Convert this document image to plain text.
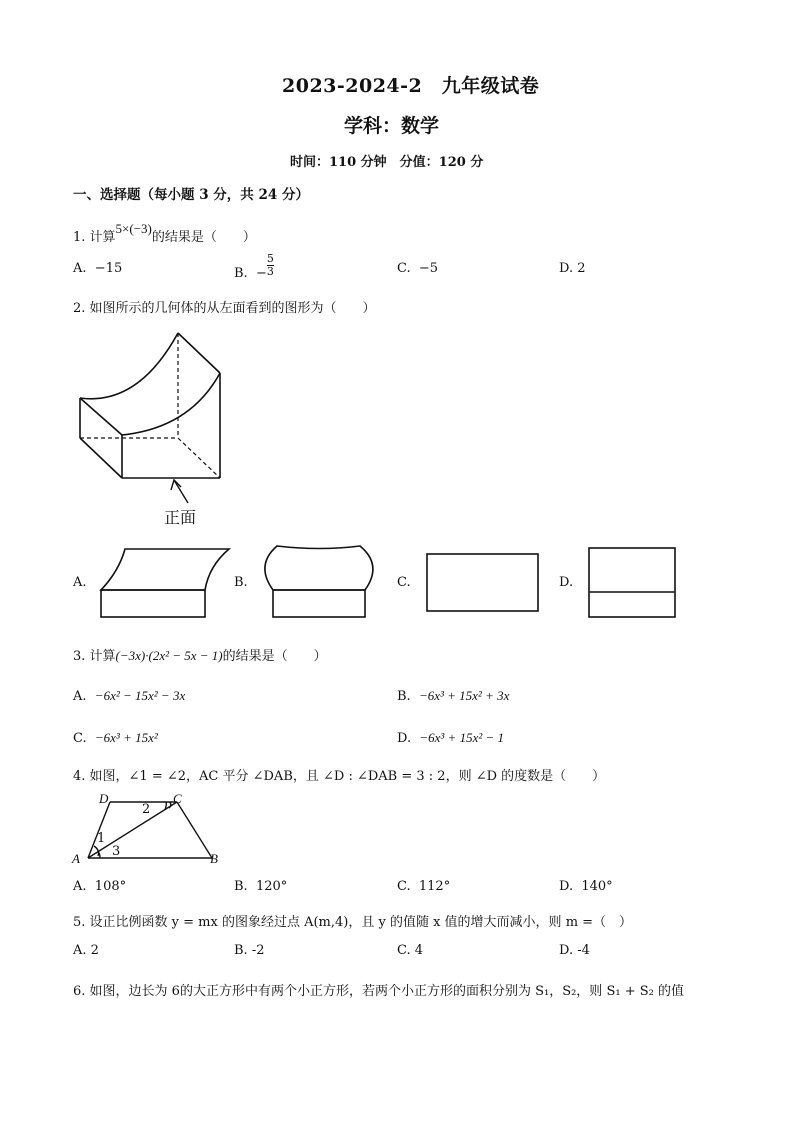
2023-2024-2　九年级试卷
学科：数学
时间：110 分钟　分值：120 分
一、选择题（每小题 3 分，共 24 分）
1. 计算5×(−3)的结果是（　　）
A. −15	B. − $\frac{5}{3}$	C. −5	D. 2
2. 如图所示的几何体的从左面看到的图形为（　　）
正面
A.	B.	C.	D.
3. 计算(−3x)·(2x² − 5x − 1)的结果是（　　）
A. −6x² − 15x² − 3x	B. −6x³ + 15x² + 3x
C. −6x³ + 15x²	D. −6x³ + 15x² − 1
4. 如图，∠1 = ∠2，AC 平分 ∠DAB，且 ∠D : ∠DAB = 3 : 2，则 ∠D 的度数是（　　）
D	C
A	B
1
2
3
A. 108°	B. 120°	C. 112°	D. 140°
5. 设正比例函数 y = mx 的图象经过点 A(m,4)，且 y 的值随 x 值的增大而减小，则 m =（　）
A. 2	B. -2	C. 4	D. -4
6. 如图，边长为 6的大正方形中有两个小正方形，若两个小正方形的面积分别为 S₁，S₂，则 S₁ + S₂ 的值
